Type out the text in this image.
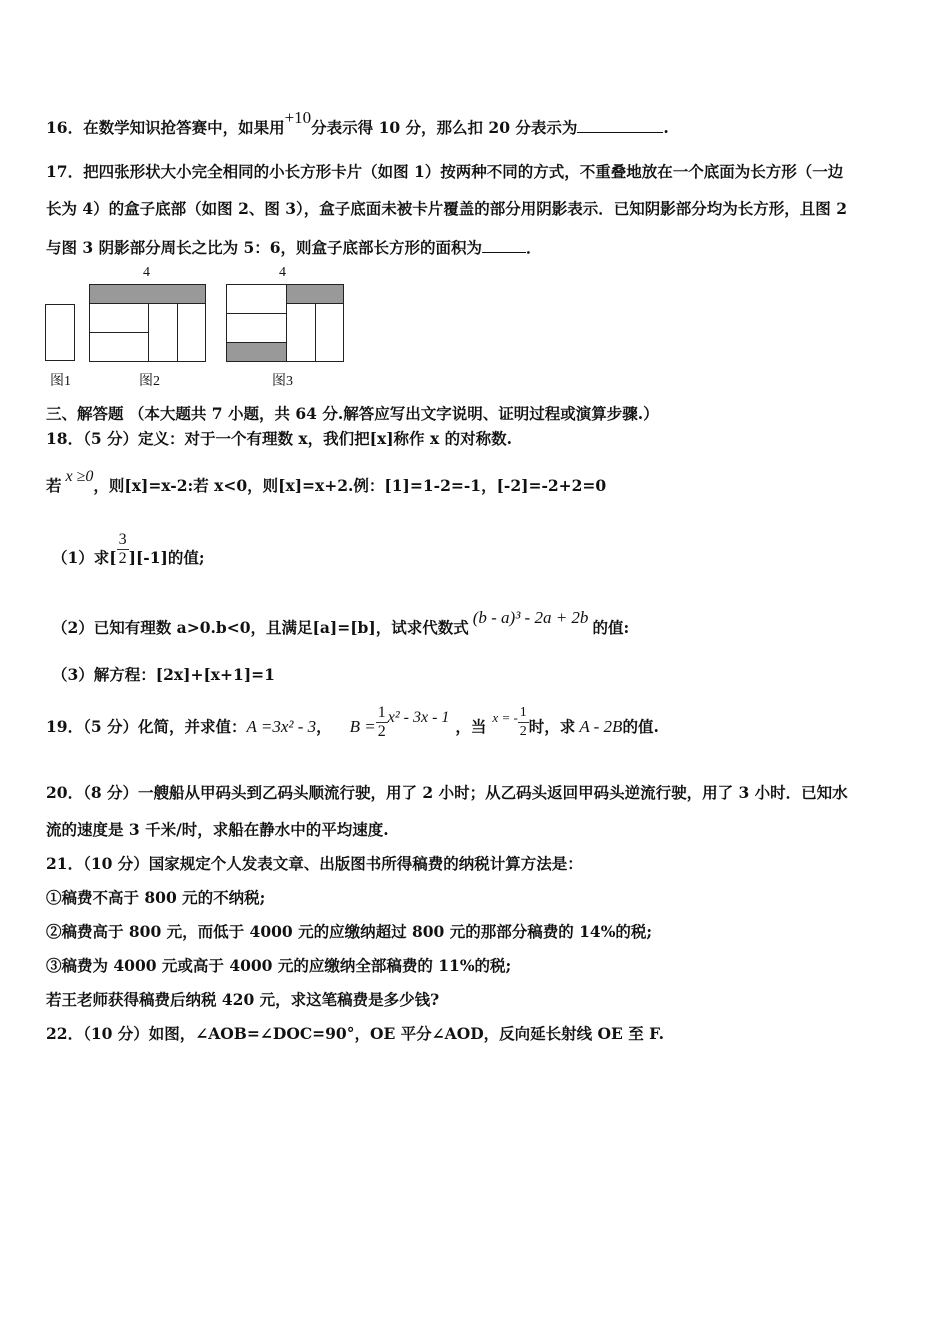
16．在数学知识抢答赛中，如果用+10分表示得 10 分，那么扣 20 分表示为	.
17．把四张形状大小完全相同的小长方形卡片（如图 1）按两种不同的方式，不重叠地放在一个底面为长方形（一边
长为 4）的盒子底部（如图 2、图 3），盒子底面未被卡片覆盖的部分用阴影表示．已知阴影部分均为长方形，且图 2
与图 3 阴影部分周长之比为 5：6，则盒子底部长方形的面积为	．
图1
4
图2
4
图3
三、解答题 （本大题共 7 小题，共 64 分.解答应写出文字说明、证明过程或演算步骤.）
18．（5 分）定义：对于一个有理数 x，我们把[x]称作 x 的对称数.
若 x ≥0，则[x]=x-2:若 x<0，则[x]=x+2.例：[1]=1-2=-1，[-2]=-2+2=0
（1）求[ $\frac{3}{2} ][-1]$的值;
（2）已知有理数 a>0.b<0，且满足[a]=[b]，试求代数式(b - a)³ - 2a + 2b的值:
（3）解方程：[2x]+[x+1]=1
19．（5 分）化简，并求值：A =3x² - 3， $B = \frac{1}{2} x^2 - 3x - 1$ ，当 $^{x = -} \frac{1}{2}$ 时，求 A - 2B的值.
20．（8 分）一艘船从甲码头到乙码头顺流行驶，用了 2 小时；从乙码头返回甲码头逆流行驶，用了 3 小时．已知水
流的速度是 3 千米/时，求船在静水中的平均速度.
21．（10 分）国家规定个人发表文章、出版图书所得稿费的纳税计算方法是：
①稿费不高于 800 元的不纳税;
②稿费高于 800 元，而低于 4000 元的应缴纳超过 800 元的那部分稿费的 14%的税;
③稿费为 4000 元或高于 4000 元的应缴纳全部稿费的 11%的税;
若王老师获得稿费后纳税 420 元，求这笔稿费是多少钱?
22．（10 分）如图，∠AOB=∠DOC=90°，OE 平分∠AOD，反向延长射线 OE 至 F.
